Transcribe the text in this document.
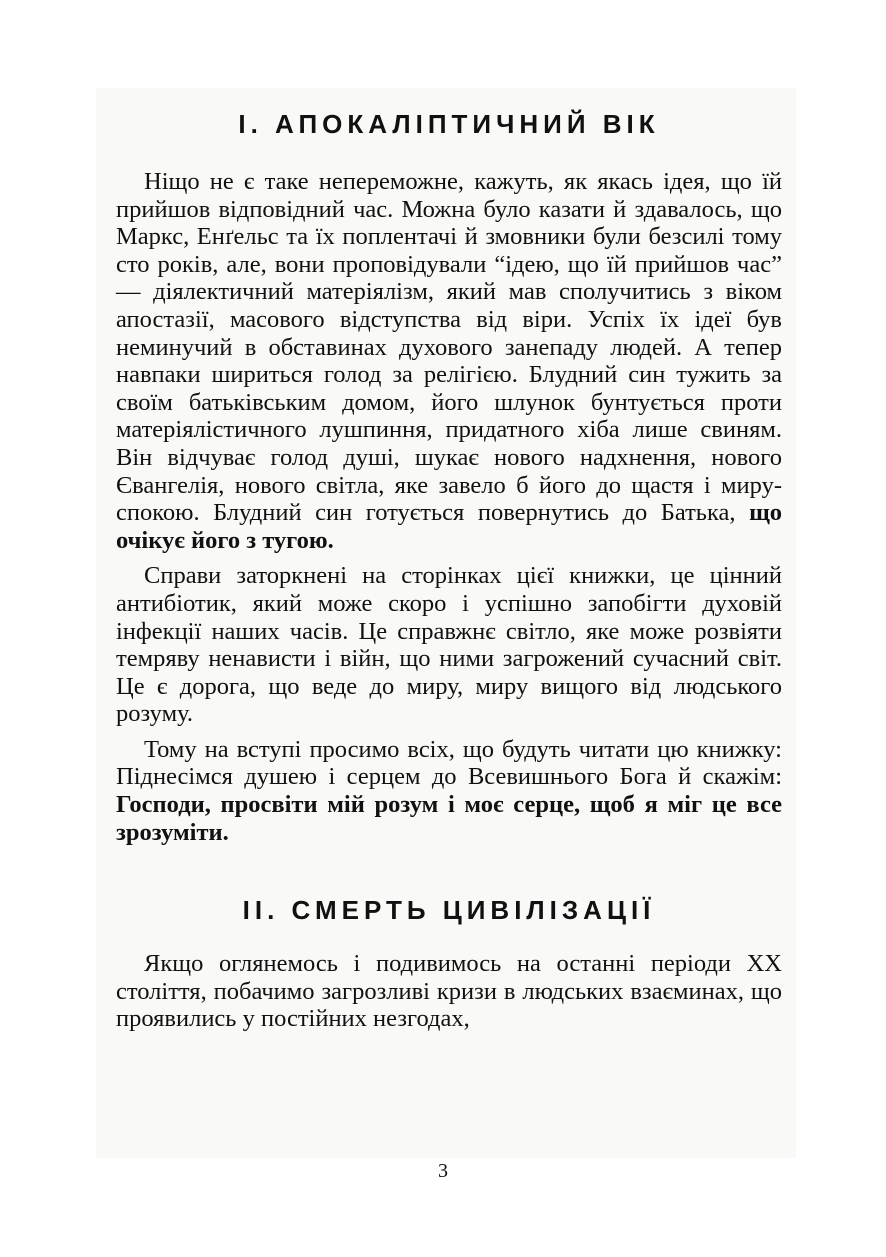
I. АПОКАЛІПТИЧНИЙ ВІК

Ніщо не є таке непереможне, кажуть, як якась ідея, що їй прийшов відповідний час. Можна було казати й здавалось, що Маркс, Енґельс та їх поплентачі й змовники були безсилі тому сто років, але, вони проповідували “ідею, що їй прийшов час” — діялектичний матеріялізм, який мав сполучитись з віком апостазії, масового відступства від віри. Успіх їх ідеї був неминучий в обставинах духового занепаду людей. А тепер навпаки шириться голод за релігією. Блудний син тужить за своїм батьківським домом, його шлунок бунтується проти матеріялістичного лушпиння, придатного хіба лише свиням. Він відчуває голод душі, шукає нового надхнення, нового Євангелія, нового світла, яке завело б його до щастя і миру-спокою. Блудний син готується повернутись до Батька, що очікує його з тугою.

Справи заторкнені на сторінках цієї книжки, це цінний антибіотик, який може скоро і успішно запобігти духовій інфекції наших часів. Це справжнє світло, яке може розвіяти темряву ненависти і війн, що ними загрожений сучасний світ. Це є дорога, що веде до миру, миру вищого від людського розуму.

Тому на вступі просимо всіх, що будуть читати цю книжку: Піднесімся душею і серцем до Всевишнього Бога й скажім: Господи, просвіти мій розум і моє серце, щоб я міг це все зрозуміти.

II. СМЕРТЬ ЦИВІЛІЗАЦІЇ

Якщо оглянемось і подивимось на останні періоди XX століття, побачимо загрозливі кризи в людських взаєминах, що проявились у постійних незгодах,

3
